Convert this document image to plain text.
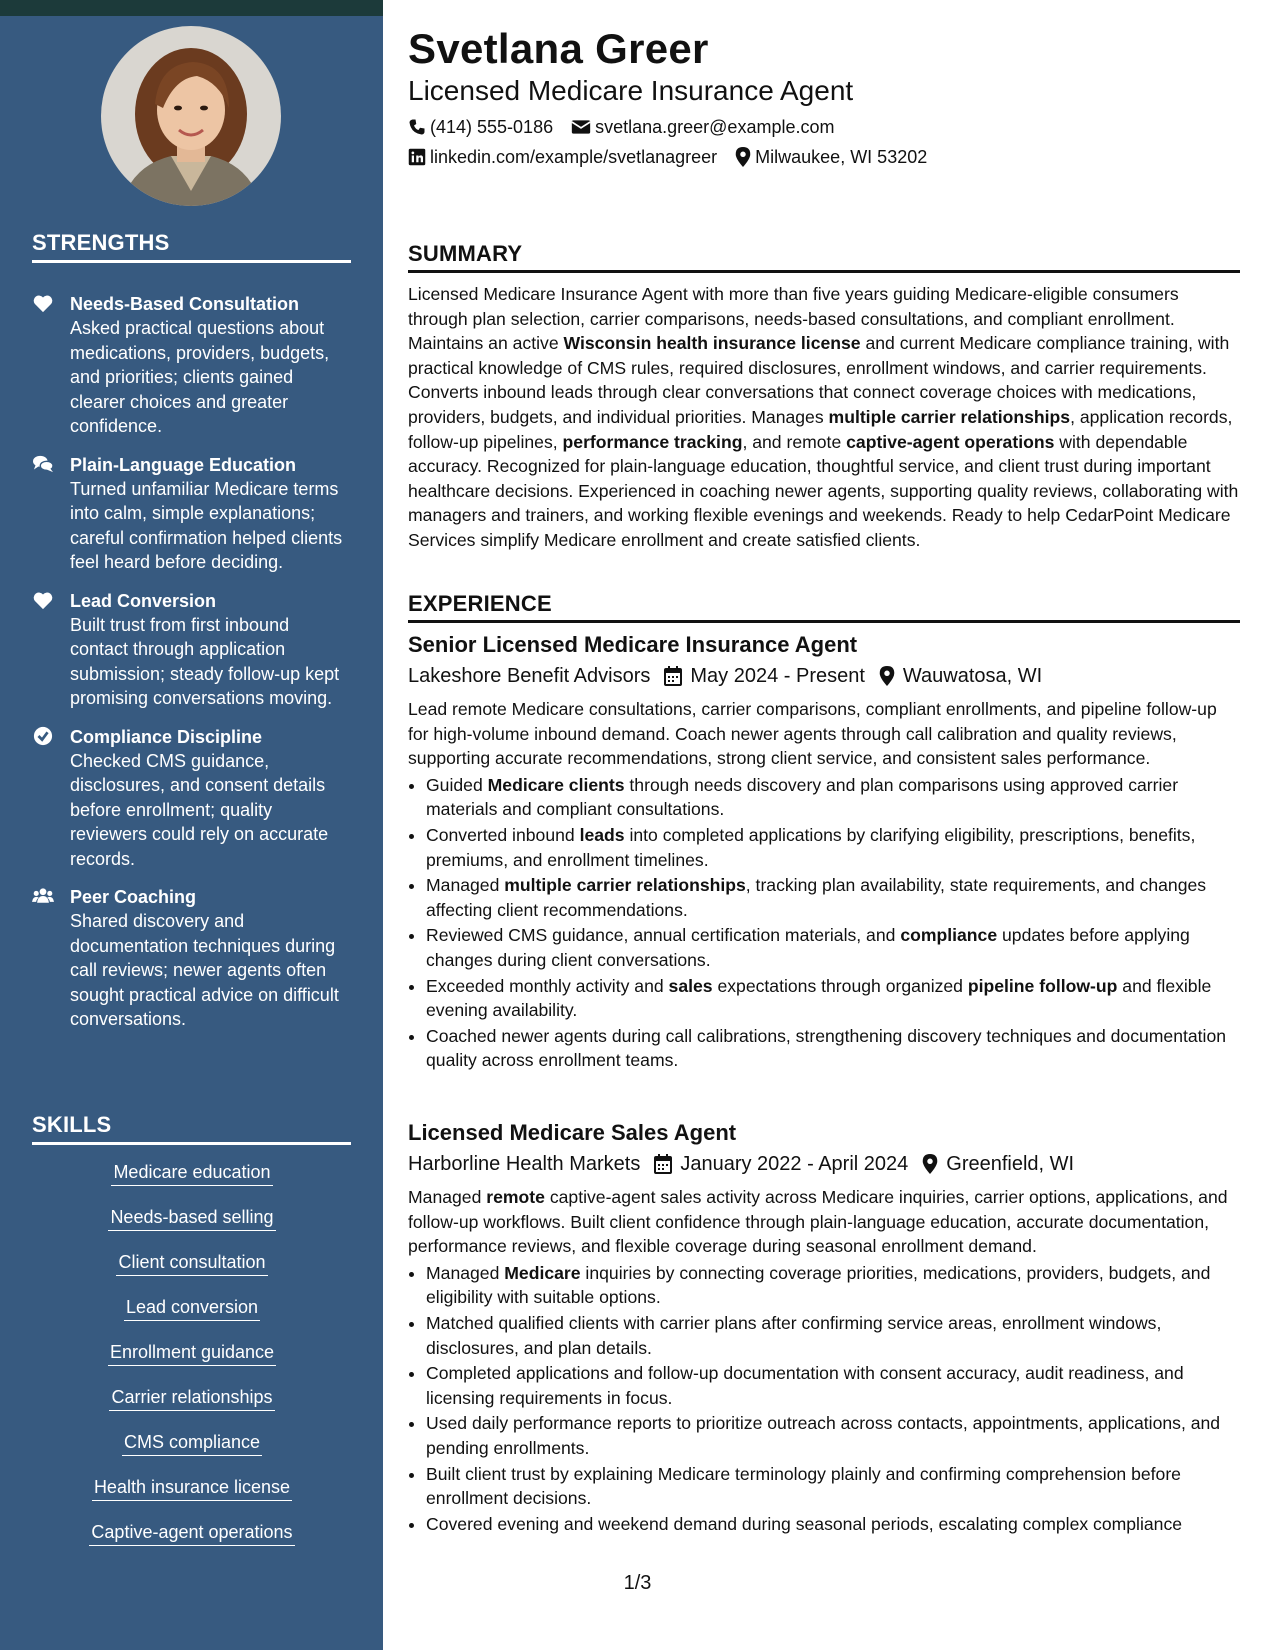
STRENGTHS
Needs-Based Consultation
Asked practical questions about medications, providers, budgets, and priorities; clients gained clearer choices and greater confidence.
Plain-Language Education
Turned unfamiliar Medicare terms into calm, simple explanations; careful confirmation helped clients feel heard before deciding.
Lead Conversion
Built trust from first inbound contact through application submission; steady follow-up kept promising conversations moving.
Compliance Discipline
Checked CMS guidance, disclosures, and consent details before enrollment; quality reviewers could rely on accurate records.
Peer Coaching
Shared discovery and documentation techniques during call reviews; newer agents often sought practical advice on difficult conversations.
SKILLS
Medicare education
Needs-based selling
Client consultation
Lead conversion
Enrollment guidance
Carrier relationships
CMS compliance
Health insurance license
Captive-agent operations
Svetlana Greer
Licensed Medicare Insurance Agent
(414) 555-0186 svetlana.greer@example.com
linkedin.com/example/svetlanagreer Milwaukee, WI 53202
SUMMARY
Licensed Medicare Insurance Agent with more than five years guiding Medicare-eligible consumers through plan selection, carrier comparisons, needs-based consultations, and compliant enrollment. Maintains an active Wisconsin health insurance license and current Medicare compliance training, with practical knowledge of CMS rules, required disclosures, enrollment windows, and carrier requirements. Converts inbound leads through clear conversations that connect coverage choices with medications, providers, budgets, and individual priorities. Manages multiple carrier relationships, application records, follow-up pipelines, performance tracking, and remote captive-agent operations with dependable accuracy. Recognized for plain-language education, thoughtful service, and client trust during important healthcare decisions. Experienced in coaching newer agents, supporting quality reviews, collaborating with managers and trainers, and working flexible evenings and weekends. Ready to help CedarPoint Medicare Services simplify Medicare enrollment and create satisfied clients.
EXPERIENCE
Senior Licensed Medicare Insurance Agent
Lakeshore Benefit Advisors May 2024 - Present Wauwatosa, WI
Lead remote Medicare consultations, carrier comparisons, compliant enrollments, and pipeline follow-up for high-volume inbound demand. Coach newer agents through call calibration and quality reviews, supporting accurate recommendations, strong client service, and consistent sales performance.
• Guided Medicare clients through needs discovery and plan comparisons using approved carrier materials and compliant consultations.
• Converted inbound leads into completed applications by clarifying eligibility, prescriptions, benefits, premiums, and enrollment timelines.
• Managed multiple carrier relationships, tracking plan availability, state requirements, and changes affecting client recommendations.
• Reviewed CMS guidance, annual certification materials, and compliance updates before applying changes during client conversations.
• Exceeded monthly activity and sales expectations through organized pipeline follow-up and flexible evening availability.
• Coached newer agents during call calibrations, strengthening discovery techniques and documentation quality across enrollment teams.
Licensed Medicare Sales Agent
Harborline Health Markets January 2022 - April 2024 Greenfield, WI
Managed remote captive-agent sales activity across Medicare inquiries, carrier options, applications, and follow-up workflows. Built client confidence through plain-language education, accurate documentation, performance reviews, and flexible coverage during seasonal enrollment demand.
• Managed Medicare inquiries by connecting coverage priorities, medications, providers, budgets, and eligibility with suitable options.
• Matched qualified clients with carrier plans after confirming service areas, enrollment windows, disclosures, and plan details.
• Completed applications and follow-up documentation with consent accuracy, audit readiness, and licensing requirements in focus.
• Used daily performance reports to prioritize outreach across contacts, appointments, applications, and pending enrollments.
• Built client trust by explaining Medicare terminology plainly and confirming comprehension before enrollment decisions.
• Covered evening and weekend demand during seasonal periods, escalating complex compliance
1/3
